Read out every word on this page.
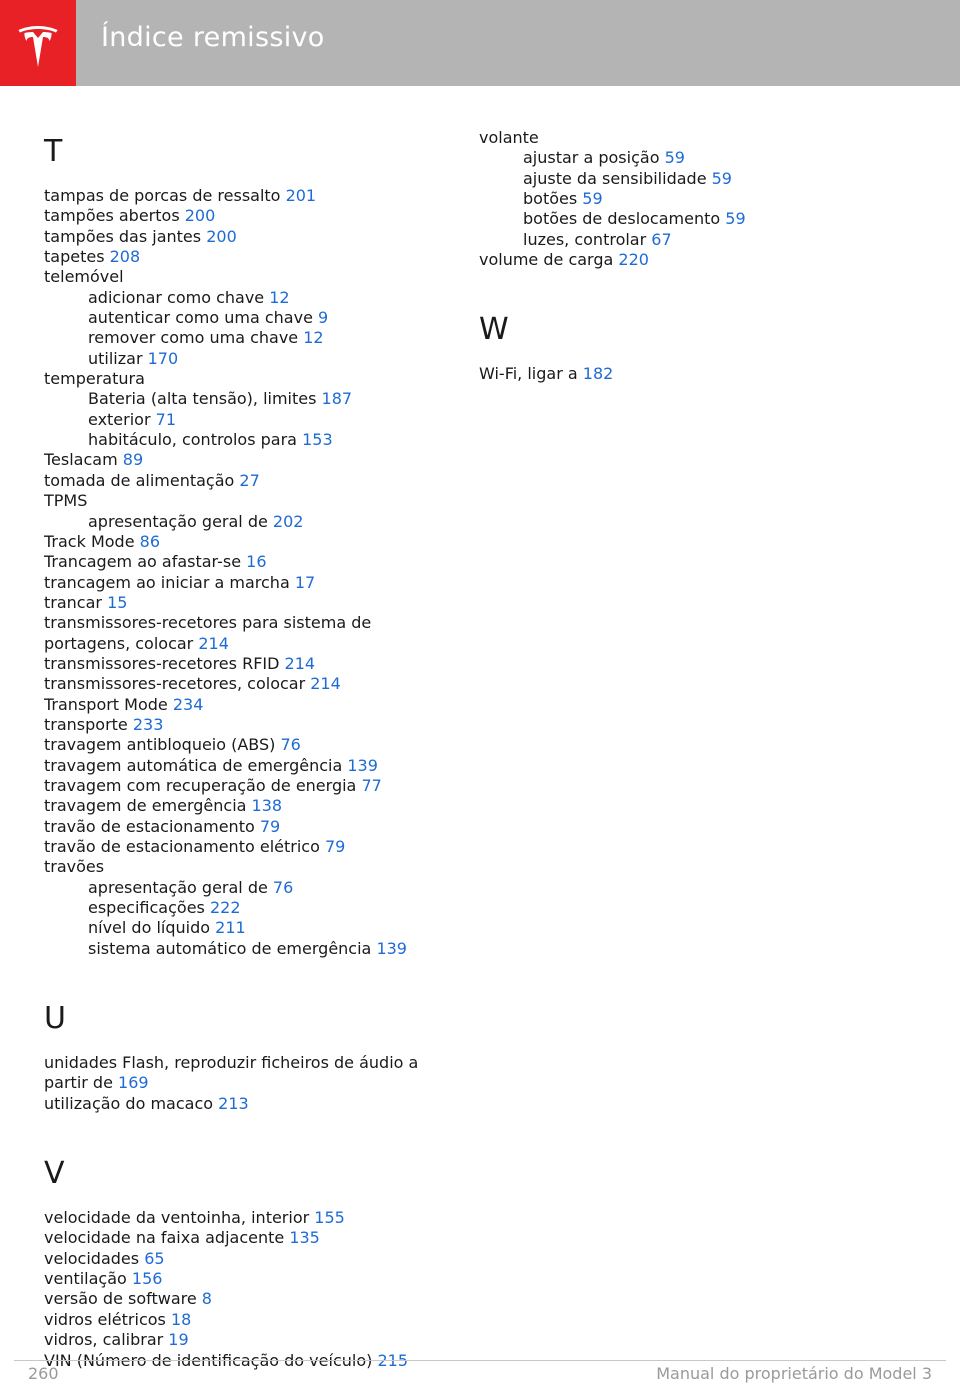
Índice remissivo
T
tampas de porcas de ressalto 201
tampões abertos 200
tampões das jantes 200
tapetes 208
telemóvel
adicionar como chave 12
autenticar como uma chave 9
remover como uma chave 12
utilizar 170
temperatura
Bateria (alta tensão), limites 187
exterior 71
habitáculo, controlos para 153
Teslacam 89
tomada de alimentação 27
TPMS
apresentação geral de 202
Track Mode 86
Trancagem ao afastar-se 16
trancagem ao iniciar a marcha 17
trancar 15
transmissores-recetores para sistema de portagens, colocar 214
transmissores-recetores RFID 214
transmissores-recetores, colocar 214
Transport Mode 234
transporte 233
travagem antibloqueio (ABS) 76
travagem automática de emergência 139
travagem com recuperação de energia 77
travagem de emergência 138
travão de estacionamento 79
travão de estacionamento elétrico 79
travões
apresentação geral de 76
especificações 222
nível do líquido 211
sistema automático de emergência 139
U
unidades Flash, reproduzir ficheiros de áudio a partir de 169
utilização do macaco 213
V
velocidade da ventoinha, interior 155
velocidade na faixa adjacente 135
velocidades 65
ventilação 156
versão de software 8
vidros elétricos 18
vidros, calibrar 19
VIN (Número de identificação do veículo) 215
volante
ajustar a posição 59
ajuste da sensibilidade 59
botões 59
botões de deslocamento 59
luzes, controlar 67
volume de carga 220
W
Wi-Fi, ligar a 182
260	Manual do proprietário do Model 3
